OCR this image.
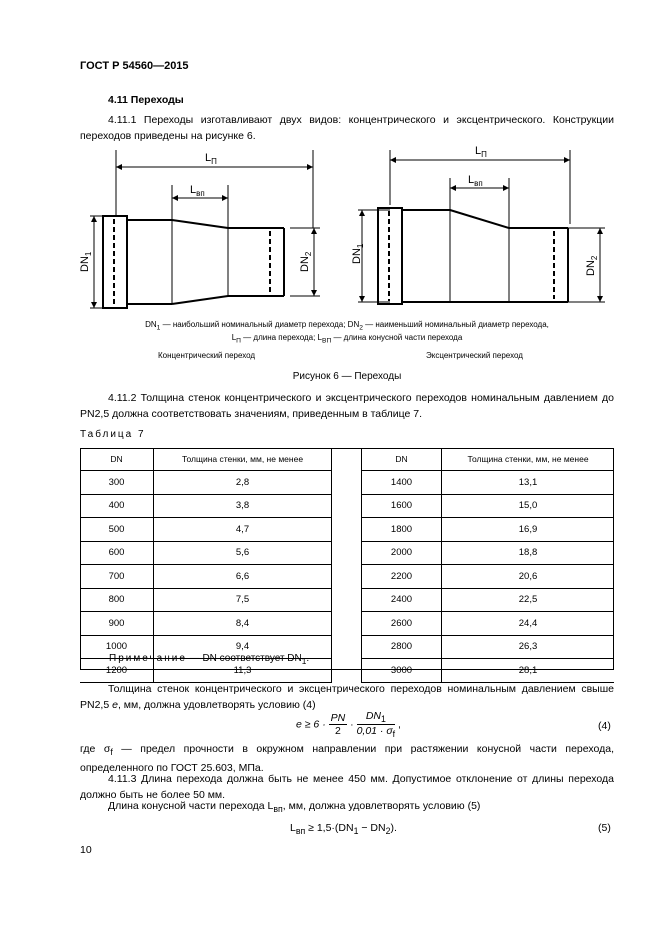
ГОСТ Р 54560—2015
4.11 Переходы
4.11.1 Переходы изготавливают двух видов: концентрического и эксцентрического. Конструкции переходов приведены на рисунке 6.
$L_П$
$L_{вп}$
$DN_1$
$DN_2$
$L_П$
$L_{вп}$
$DN_1$
$DN_2$
$DN_1$ — наибольший номинальный диаметр перехода; $DN_2$ — наименьший номинальный диаметр перехода,
$L_П$ — длина перехода; $L_{ВП}$ — длина конусной части перехода
Концентрический переход	Эксцентрический переход
Рисунок 6 — Переходы
4.11.2 Толщина стенок концентрического и эксцентрического переходов номинальным давлением до PN2,5 должна соответствовать значениям, приведенным в таблице 7.
Таблица 7
DN	Толщина стенки, мм, не менее
300	2,8
400	3,8
500	4,7
600	5,6
700	6,6
800	7,5
900	8,4
1000	9,4
1200	11,3
DN	Толщина стенки, мм, не менее
1400	13,1
1600	15,0
1800	16,9
2000	18,8
2200	20,6
2400	22,5
2600	24,4
2800	26,3
3000	28,1
Примечание — DN соответствует $DN_1$.
Толщина стенок концентрического и эксцентрического переходов номинальным давлением свыше PN2,5 e, мм, должна удовлетворять условию (4)
$e \ge 6 \cdot \frac{PN}{2} \cdot \frac{DN_1}{0,01 \cdot \sigma_f}$ ,	(4)
где $\sigma_f$ — предел прочности в окружном направлении при растяжении конусной части перехода, определенного по ГОСТ 25.603, МПа.
4.11.3 Длина перехода должна быть не менее 450 мм. Допустимое отклонение от длины перехода должно быть не более 50 мм.
Длина конусной части перехода $L_{вп}$, мм, должна удовлетворять условию (5)
$L_{вп} \ge 1,5\cdot(DN_1 - DN_2)$.	(5)
10
